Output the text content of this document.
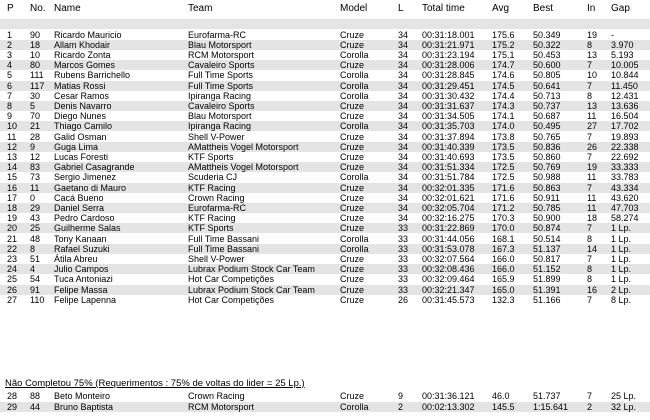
P No. Name	Team	Model	L Total time	Avg Best	In Gap
1 90 Ricardo Mauricio	Eurofarma-RC	Cruze	34 00:31:18.001 175.6 50.349	19 -
2 18 Allam Khodair	Blau Motorsport	Cruze	34 00:31:21.971 175.2 50.322	8 3.970
3 10 Ricardo Zonta	RCM Motorsport	Corolla	34 00:31:23.194 175.1 50.453	13 5.193
4 80 Marcos Gomes	Cavaleiro Sports	Cruze	34 00:31:28.006 174.7 50.600	7 10.005
5 111 Rubens Barrichello	Full Time Sports	Corolla	34 00:31:28.845 174.6 50.805	10 10.844
6 117 Matias Rossi	Full Time Sports	Corolla	34 00:31:29.451 174.5 50.641	7 11.450
7 30 Cesar Ramos	Ipiranga Racing	Corolla	34 00:31:30.432 174.4 50.713	8 12.431
8 5 Denis Navarro	Cavaleiro Sports	Cruze	34 00:31:31.637 174.3 50.737	13 13.636
9 70 Diego Nunes	Blau Motorsport	Cruze	34 00:31:34.505 174.1 50.687	11 16.504
10 21 Thiago Camilo	Ipiranga Racing	Corolla	34 00:31:35.703 174.0 50.495	27 17.702
11 28 Galid Osman	Shell V-Power	Cruze	34 00:31:37.894 173.8 50.765	7 19.893
12 9 Guga Lima	AMattheis Vogel Motorsport	Cruze	34 00:31:40.339 173.5 50.836	26 22.338
13 12 Lucas Foresti	KTF Sports	Cruze	34 00:31:40.693 173.5 50.860	7 22.692
14 83 Gabriel Casagrande	AMattheis Vogel Motorsport	Cruze	34 00:31:51.334 172.5 50.769	19 33.333
15 73 Sergio Jimenez	Scuderia CJ	Corolla	34 00:31:51.784 172.5 50.988	11 33.783
16 11 Gaetano di Mauro	KTF Racing	Cruze	34 00:32:01.335 171.6 50.863	7 43.334
17 0 Cacá Bueno	Crown Racing	Cruze	34 00:32:01.621 171.6 50.911	11 43.620
18 29 Daniel Serra	Eurofarma-RC	Cruze	34 00:32:05.704 171.2 50.785	11 47.703
19 43 Pedro Cardoso	KTF Racing	Cruze	34 00:32:16.275 170.3 50.900	18 58.274
20 25 Guilherme Salas	KTF Sports	Cruze	33 00:31:22.869 170.0 50.874	7 1 Lp.
21 48 Tony Kanaan	Full Time Bassani	Corolla	33 00:31:44.056 168.1 50.514	8 1 Lp.
22 8 Rafael Suzuki	Full Time Bassani	Corolla	33 00:31:53.078 167.3 51.137	14 1 Lp.
23 51 Átila Abreu	Shell V-Power	Cruze	33 00:32:07.564 166.0 50.817	7 1 Lp.
24 4 Julio Campos	Lubrax Podium Stock Car Team	Cruze	33 00:32:08.436 166.0 51.152	8 1 Lp.
25 54 Tuca Antoniazi	Hot Car Competições	Cruze	33 00:32:09.464 165.9 51.899	8 1 Lp.
26 91 Felipe Massa	Lubrax Podium Stock Car Team	Cruze	33 00:32:21.347 165.0 51.391	16 2 Lp.
27 110 Felipe Lapenna	Hot Car Competições	Cruze	26 00:31:45.573 132.3 51.166	7 8 Lp.
Não Completou 75% (Requerimentos : 75% de voltas do lider = 25 Lp.)
28 88 Beto Monteiro	Crown Racing	Cruze	9 00:31:36.121 46.0	51.737	7 25 Lp.
29 44 Bruno Baptista	RCM Motorsport	Corolla	2 00:02:13.302 145.5 1:15.641 2 32 Lp.
